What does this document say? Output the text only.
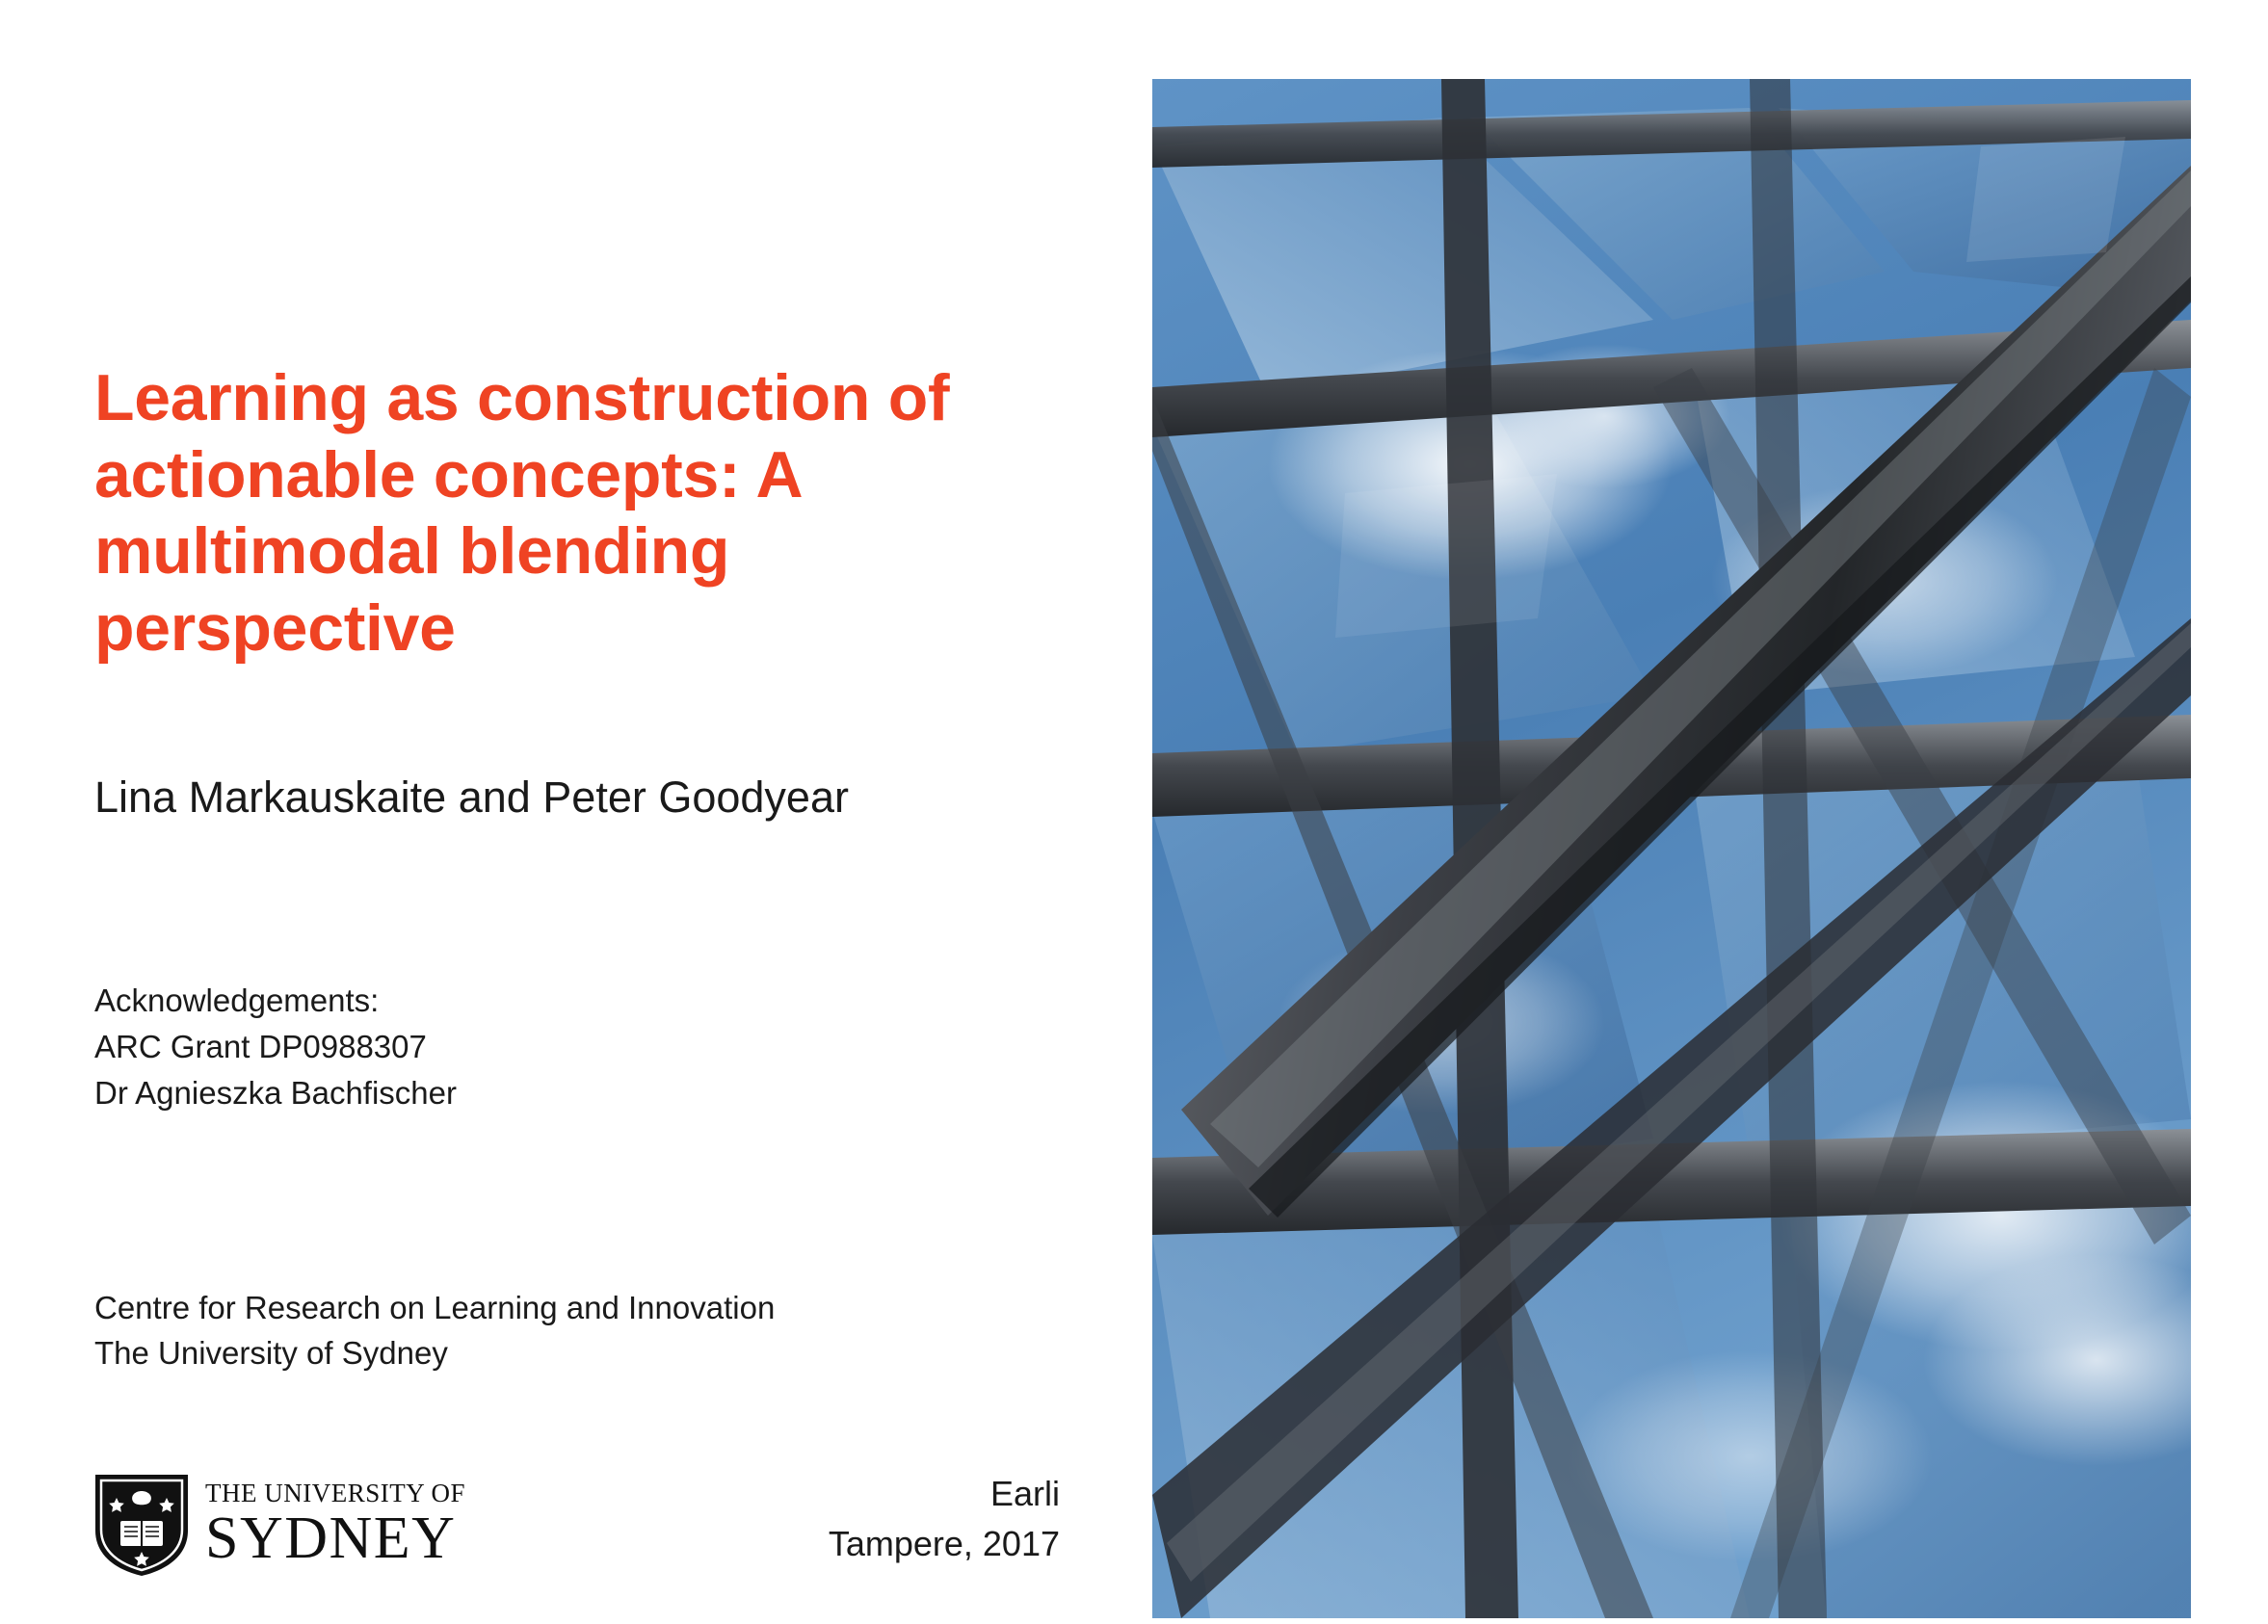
Learning as construction of actionable concepts: A multimodal blending perspective
Lina Markauskaite and Peter Goodyear
Acknowledgements:
ARC Grant DP0988307
Dr Agnieszka Bachfischer
Centre for Research on Learning and Innovation
The University of Sydney
THE UNIVERSITY OF
SYDNEY
Earli
Tampere, 2017
